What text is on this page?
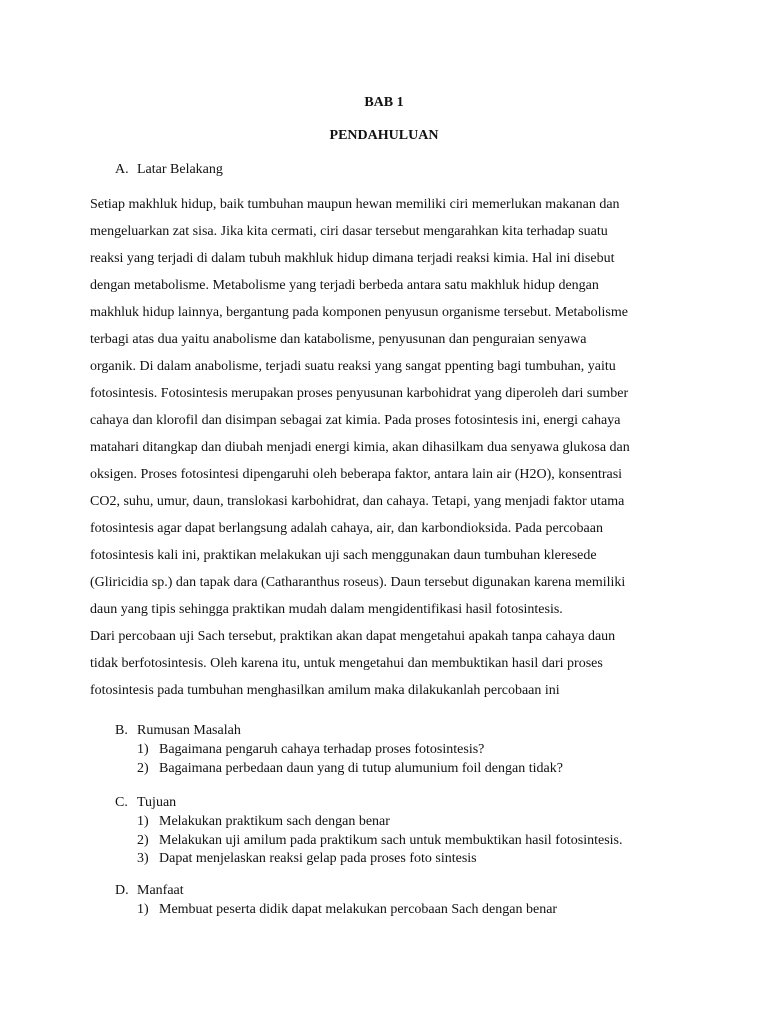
BAB 1
PENDAHULUAN
A. Latar Belakang
Setiap makhluk hidup, baik tumbuhan maupun hewan memiliki ciri memerlukan makanan dan
mengeluarkan zat sisa. Jika kita cermati, ciri dasar tersebut mengarahkan kita terhadap suatu
reaksi yang terjadi di dalam tubuh makhluk hidup dimana terjadi reaksi kimia. Hal ini disebut
dengan metabolisme. Metabolisme yang terjadi berbeda antara satu makhluk hidup dengan
makhluk hidup lainnya, bergantung pada komponen penyusun organisme tersebut. Metabolisme
terbagi atas dua yaitu anabolisme dan katabolisme, penyusunan dan penguraian senyawa
organik. Di dalam anabolisme, terjadi suatu reaksi yang sangat ppenting bagi tumbuhan, yaitu
fotosintesis. Fotosintesis merupakan proses penyusunan karbohidrat yang diperoleh dari sumber
cahaya dan klorofil dan disimpan sebagai zat kimia. Pada proses fotosintesis ini, energi cahaya
matahari ditangkap dan diubah menjadi energi kimia, akan dihasilkam dua senyawa glukosa dan
oksigen. Proses fotosintesi dipengaruhi oleh beberapa faktor, antara lain air (H2O), konsentrasi
CO2, suhu, umur, daun, translokasi karbohidrat, dan cahaya. Tetapi, yang menjadi faktor utama
fotosintesis agar dapat berlangsung adalah cahaya, air, dan karbondioksida. Pada percobaan
fotosintesis kali ini, praktikan melakukan uji sach menggunakan daun tumbuhan kleresede
(Gliricidia sp.) dan tapak dara (Catharanthus roseus). Daun tersebut digunakan karena memiliki
daun yang tipis sehingga praktikan mudah dalam mengidentifikasi hasil fotosintesis.
Dari percobaan uji Sach tersebut, praktikan akan dapat mengetahui apakah tanpa cahaya daun
tidak berfotosintesis. Oleh karena itu, untuk mengetahui dan membuktikan hasil dari proses
fotosintesis pada tumbuhan menghasilkan amilum maka dilakukanlah percobaan ini
B. Rumusan Masalah
1) Bagaimana pengaruh cahaya terhadap proses fotosintesis?
2) Bagaimana perbedaan daun yang di tutup alumunium foil dengan tidak?
C. Tujuan
1) Melakukan praktikum sach dengan benar
2) Melakukan uji amilum pada praktikum sach untuk membuktikan hasil fotosintesis.
3) Dapat menjelaskan reaksi gelap pada proses foto sintesis
D. Manfaat
1) Membuat peserta didik dapat melakukan percobaan Sach dengan benar
